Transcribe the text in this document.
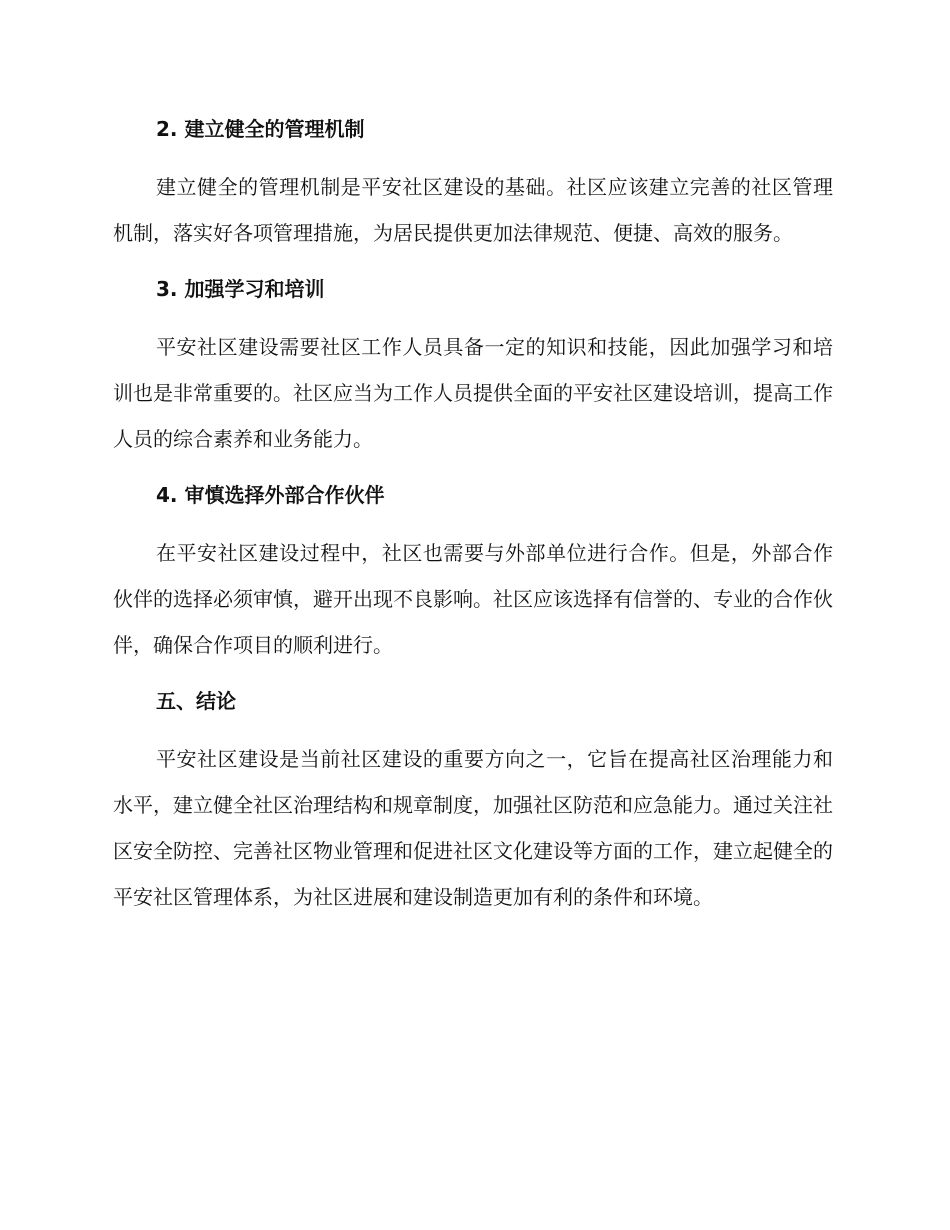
2. 建立健全的管理机制

建立健全的管理机制是平安社区建设的基础。社区应该建立完善的社区管理机制，落实好各项管理措施，为居民提供更加法律规范、便捷、高效的服务。

3. 加强学习和培训

平安社区建设需要社区工作人员具备一定的知识和技能，因此加强学习和培训也是非常重要的。社区应当为工作人员提供全面的平安社区建设培训，提高工作人员的综合素养和业务能力。

4. 审慎选择外部合作伙伴

在平安社区建设过程中，社区也需要与外部单位进行合作。但是，外部合作伙伴的选择必须审慎，避开出现不良影响。社区应该选择有信誉的、专业的合作伙伴，确保合作项目的顺利进行。

五、结论

平安社区建设是当前社区建设的重要方向之一，它旨在提高社区治理能力和水平，建立健全社区治理结构和规章制度，加强社区防范和应急能力。通过关注社区安全防控、完善社区物业管理和促进社区文化建设等方面的工作，建立起健全的平安社区管理体系，为社区进展和建设制造更加有利的条件和环境。
